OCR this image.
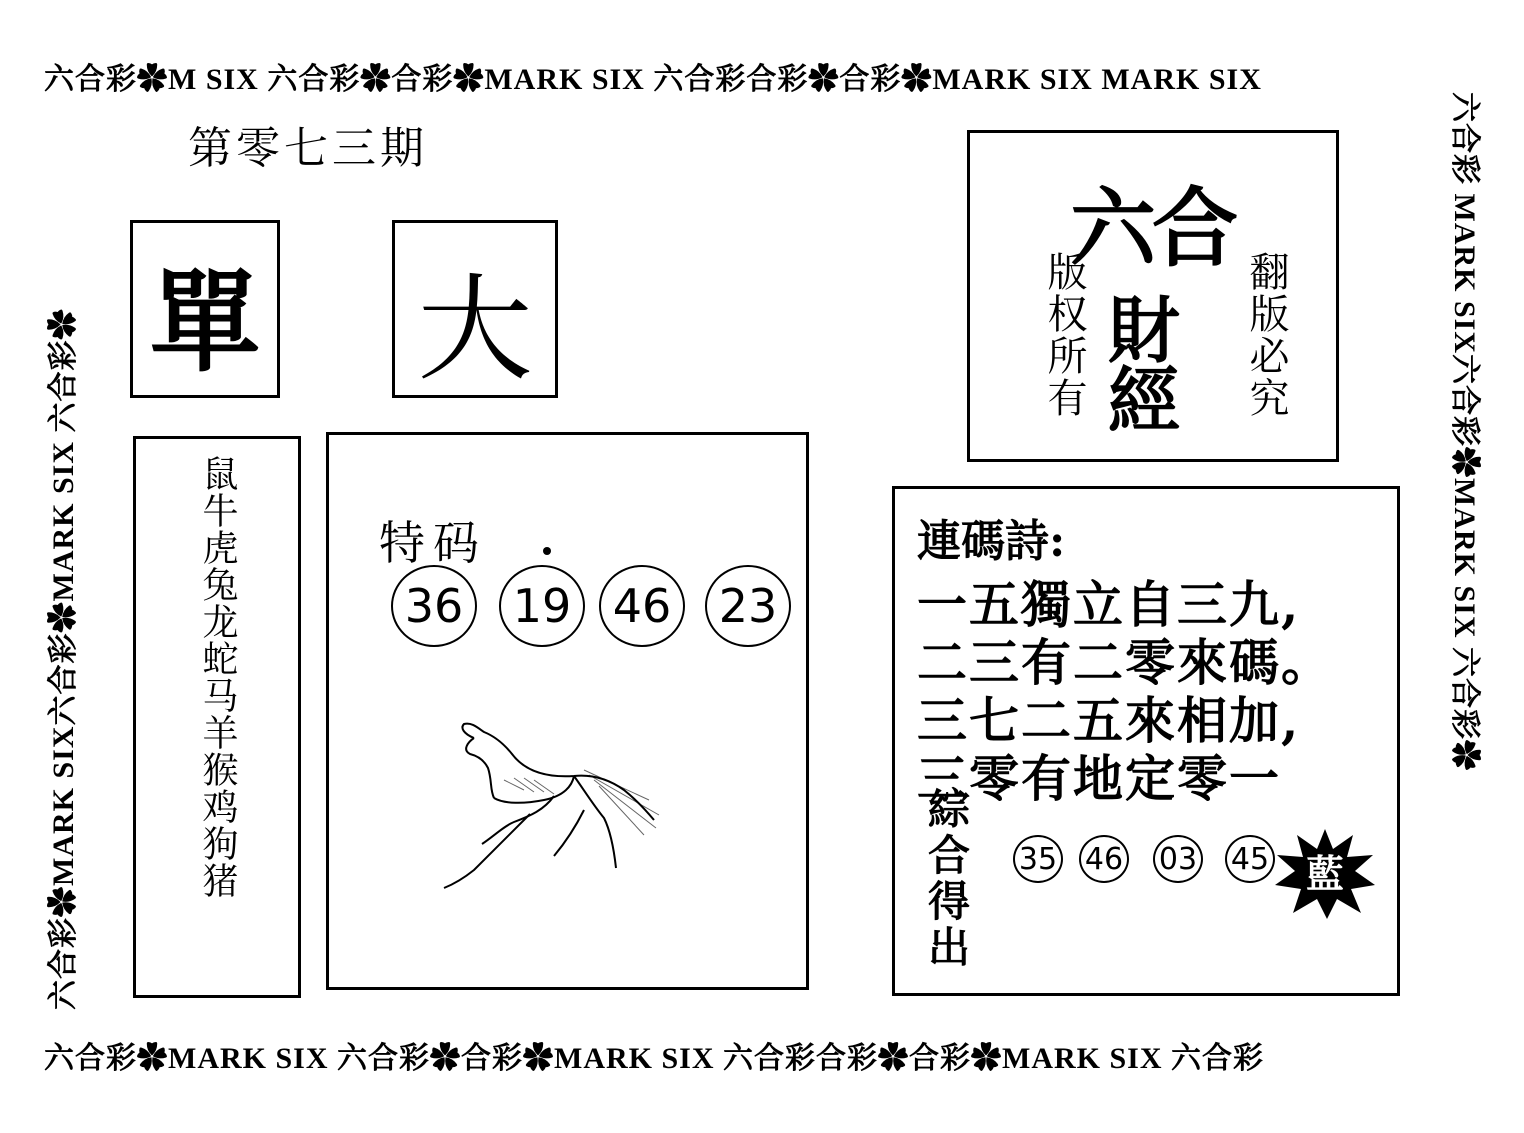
六合彩✿M SIX 六合彩✿合彩✿MARK SIX 六合彩合彩✿合彩✿MARK SIX MARK SIX
六合彩✿MARK SIX 六合彩✿合彩✿MARK SIX 六合彩合彩✿合彩✿MARK SIX 六合彩
六合彩✿MARK SIX六合彩✿MARK SIX 六合彩✿	六合彩 MARK SIX六合彩✿MARK SIX 六合彩✿
第零七三期
單 大
鼠牛虎兔龙蛇马羊猴鸡狗猪	特码
36 19 46 23
六合
財
經
版权所有	翻版必究
連碼詩:
一五獨立自三九,
二三有二零來碼。
三七二五來相加,
三零有地定零一
綜合得出 35 46 03 45 藍
